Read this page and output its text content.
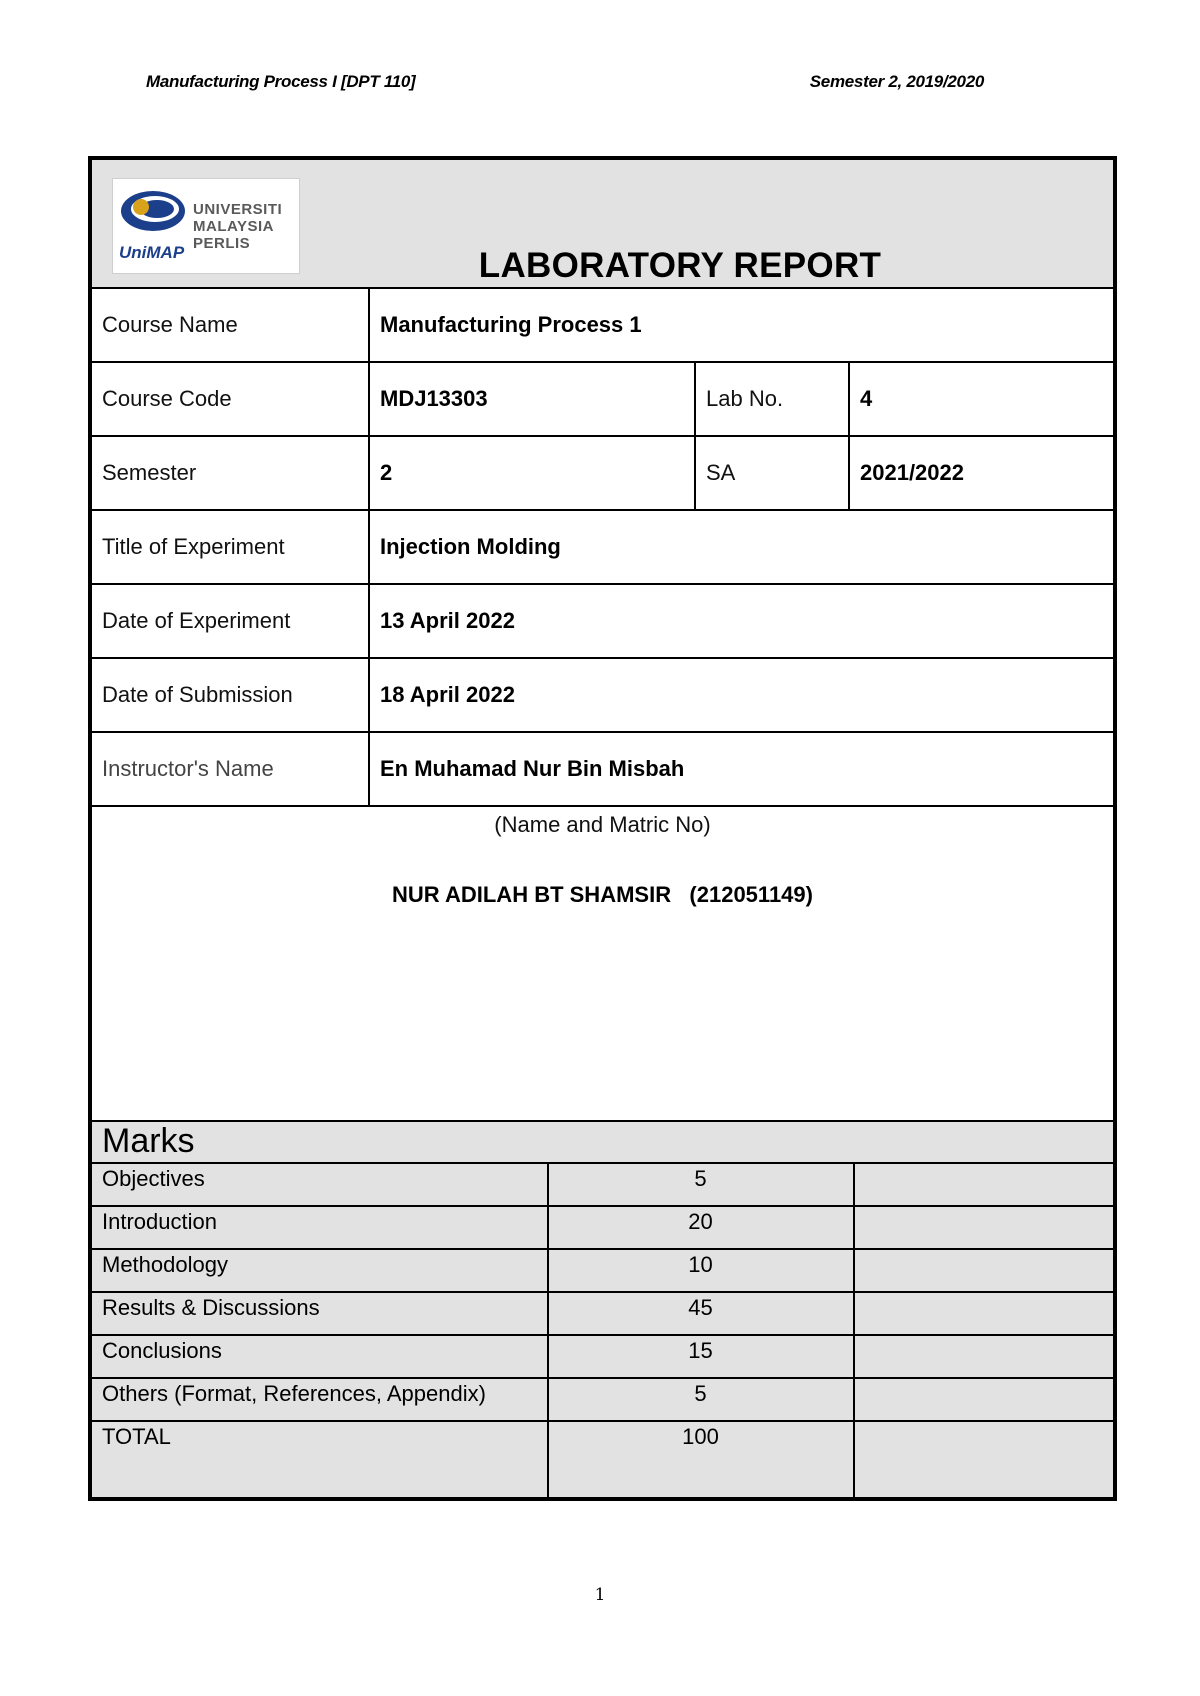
Manufacturing Process I [DPT 110]	Semester 2, 2019/2020
UNIVERSITI
MALAYSIA
PERLIS
UniMAP	LABORATORY REPORT
Course Name	Manufacturing Process 1
Course Code	MDJ13303	Lab No.	4
Semester	2	SA	2021/2022
Title of Experiment	Injection Molding
Date of Experiment	13 April 2022
Date of Submission	18 April 2022
Instructor's Name	En Muhamad Nur Bin Misbah
(Name and Matric No)
NUR ADILAH BT SHAMSIR   (212051149)
Marks
Objectives	5
Introduction	20
Methodology	10
Results & Discussions	45
Conclusions	15
Others (Format, References, Appendix)	5
TOTAL	100
1
